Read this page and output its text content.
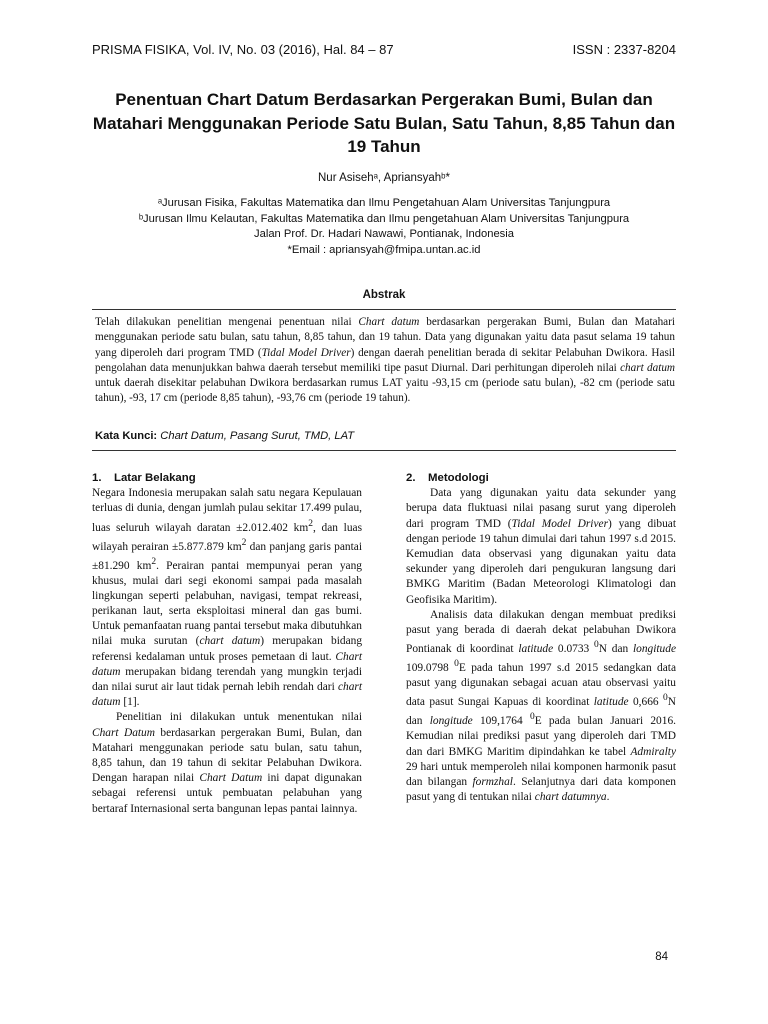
PRISMA FISIKA, Vol. IV, No. 03 (2016), Hal. 84 – 87	ISSN : 2337-8204
Penentuan Chart Datum Berdasarkan Pergerakan Bumi, Bulan dan Matahari Menggunakan Periode Satu Bulan, Satu Tahun, 8,85 Tahun dan 19 Tahun
Nur Asisehᵃ, Apriansyahᵇ*
ᵃJurusan Fisika, Fakultas Matematika dan Ilmu Pengetahuan Alam Universitas Tanjungpura
ᵇJurusan Ilmu Kelautan, Fakultas Matematika dan Ilmu pengetahuan Alam Universitas Tanjungpura
Jalan Prof. Dr. Hadari Nawawi, Pontianak, Indonesia
*Email : apriansyah@fmipa.untan.ac.id
Abstrak
Telah dilakukan penelitian mengenai penentuan nilai Chart datum berdasarkan pergerakan Bumi, Bulan dan Matahari menggunakan periode satu bulan, satu tahun, 8,85 tahun, dan 19 tahun. Data yang digunakan yaitu data pasut selama 19 tahun yang diperoleh dari program TMD (Tidal Model Driver) dengan daerah penelitian berada di sekitar Pelabuhan Dwikora. Hasil pengolahan data menunjukkan bahwa daerah tersebut memiliki tipe pasut Diurnal. Dari perhitungan diperoleh nilai chart datum untuk daerah disekitar pelabuhan Dwikora berdasarkan rumus LAT yaitu -93,15 cm (periode satu bulan), -82 cm (periode satu tahun), -93, 17 cm (periode 8,85 tahun), -93,76 cm (periode 19 tahun).
Kata Kunci: Chart Datum, Pasang Surut, TMD, LAT

1. Latar Belakang

Negara Indonesia merupakan salah satu negara Kepulauan terluas di dunia, dengan jumlah pulau sekitar 17.499 pulau, luas seluruh wilayah daratan ±2.012.402 $km^2$, dan luas wilayah perairan ±5.877.879 $km^2$ dan panjang garis pantai ±81.290 $km^2$. Perairan pantai mempunyai peran yang khusus, mulai dari segi ekonomi sampai pada masalah lingkungan seperti pelabuhan, navigasi, tempat rekreasi, perikanan laut, serta eksploitasi mineral dan gas bumi. Untuk pemanfaatan ruang pantai tersebut maka dibutuhkan nilai muka surutan (chart datum) merupakan bidang referensi kedalaman untuk proses pemetaan di laut. Chart datum merupakan bidang terendah yang mungkin terjadi dan nilai surut air laut tidak pernah lebih rendah dari chart datum [1].

Penelitian ini dilakukan untuk menentukan nilai Chart Datum berdasarkan pergerakan Bumi, Bulan, dan Matahari menggunakan periode satu bulan, satu tahun, 8,85 tahun, dan 19 tahun di sekitar Pelabuhan Dwikora. Dengan harapan nilai Chart Datum ini dapat digunakan sebagai referensi untuk pembuatan pelabuhan yang bertaraf Internasional serta bangunan lepas pantai lainnya.

2. Metodologi

Data yang digunakan yaitu data sekunder yang berupa data fluktuasi nilai pasang surut yang diperoleh dari program TMD (Tidal Model Driver) yang dibuat dengan periode 19 tahun dimulai dari tahun 1997 s.d 2015. Kemudian data observasi yang digunakan yaitu data sekunder yang diperoleh dari pengukuran langsung dari BMKG Maritim (Badan Meteorologi Klimatologi dan Geofisika Maritim).

Analisis data dilakukan dengan membuat prediksi pasut yang berada di daerah dekat pelabuhan Dwikora Pontianak di koordinat latitude 0.0733 $^0$N dan longitude 109.0798 $^0$E pada tahun 1997 s.d 2015 sedangkan data pasut yang digunakan sebagai acuan atau observasi yaitu data pasut Sungai Kapuas di koordinat latitude 0,666 $^0$N dan longitude 109,1764 $^0$E pada bulan Januari 2016. Kemudian nilai prediksi pasut yang diperoleh dari TMD dan dari BMKG Maritim dipindahkan ke tabel Admiralty 29 hari untuk memperoleh nilai komponen harmonik pasut dan bilangan formzhal. Selanjutnya dari data komponen pasut yang di tentukan nilai chart datumnya.

84
